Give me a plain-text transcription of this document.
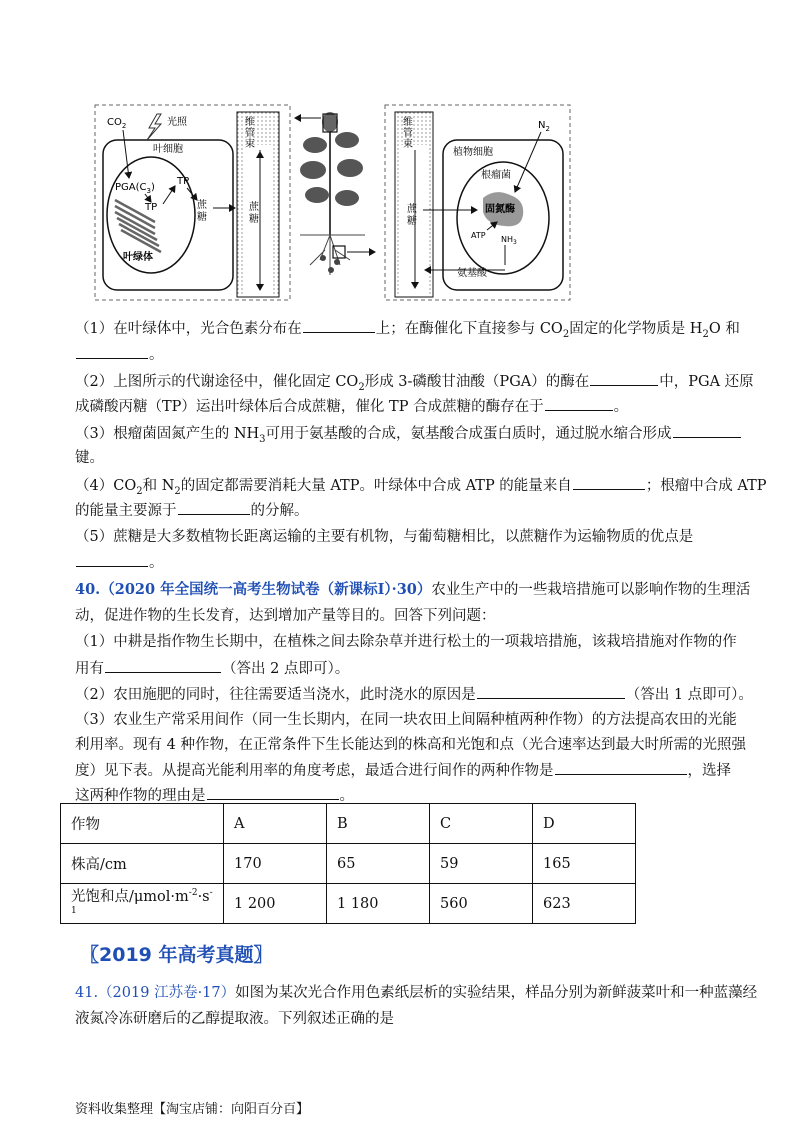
$CO_2$	光照
叶细胞
$PGA(C_3)$
TP
TP
蔗糖
叶绿体
维管束
蔗糖
维管束
蔗糖
植物细胞
$N_2$
根瘤菌
固氮酶
ATP $NH_3$
氨基酸
（1）在叶绿体中，光合色素分布在	上；在酶催化下直接参与 $CO_2$固定的化学物质是 $H_2O$ 和
。
（2）上图所示的代谢途径中，催化固定 $CO_2$形成 3-磷酸甘油酸（PGA）的酶在	中，PGA 还原
成磷酸丙糖（TP）运出叶绿体后合成蔗糖，催化 TP 合成蔗糖的酶存在于	。
（3）根瘤菌固氮产生的 $NH_3$可用于氨基酸的合成，氨基酸合成蛋白质时，通过脱水缩合形成
键。
$(4)CO_2$和 $N_2$的固定都需要消耗大量 ATP。叶绿体中合成 ATP 的能量来自	；根瘤中合成 ATP
的能量主要源于	的分解。
（5）蔗糖是大多数植物长距离运输的主要有机物，与葡萄糖相比，以蔗糖作为运输物质的优点是
。
40.（2020 年全国统一高考生物试卷（新课标Ⅰ）·30）农业生产中的一些栽培措施可以影响作物的生理活
动，促进作物的生长发育，达到增加产量等目的。回答下列问题：
（1）中耕是指作物生长期中，在植株之间去除杂草并进行松土的一项栽培措施，该栽培措施对作物的作
用有	（答出 2 点即可）。
（2）农田施肥的同时，往往需要适当浇水，此时浇水的原因是	（答出 1 点即可）。
（3）农业生产常采用间作（同一生长期内，在同一块农田上间隔种植两种作物）的方法提高农田的光能
利用率。现有 4 种作物，在正常条件下生长能达到的株高和光饱和点（光合速率达到最大时所需的光照强
度）见下表。从提高光能利用率的角度考虑，最适合进行间作的两种作物是	，选择
这两种作物的理由是	。
作物	A	B	C	D
株高/cm	170	65	59	165
光饱和点$/\mu mol\cdot m^{-2}\cdot s^{-1}$	1 200	1 180	560	623
〖2019 年高考真题〗
41.（2019 江苏卷·17）如图为某次光合作用色素纸层析的实验结果，样品分别为新鲜菠菜叶和一种蓝藻经
液氮冷冻研磨后的乙醇提取液。下列叙述正确的是
资料收集整理【淘宝店铺：向阳百分百】
